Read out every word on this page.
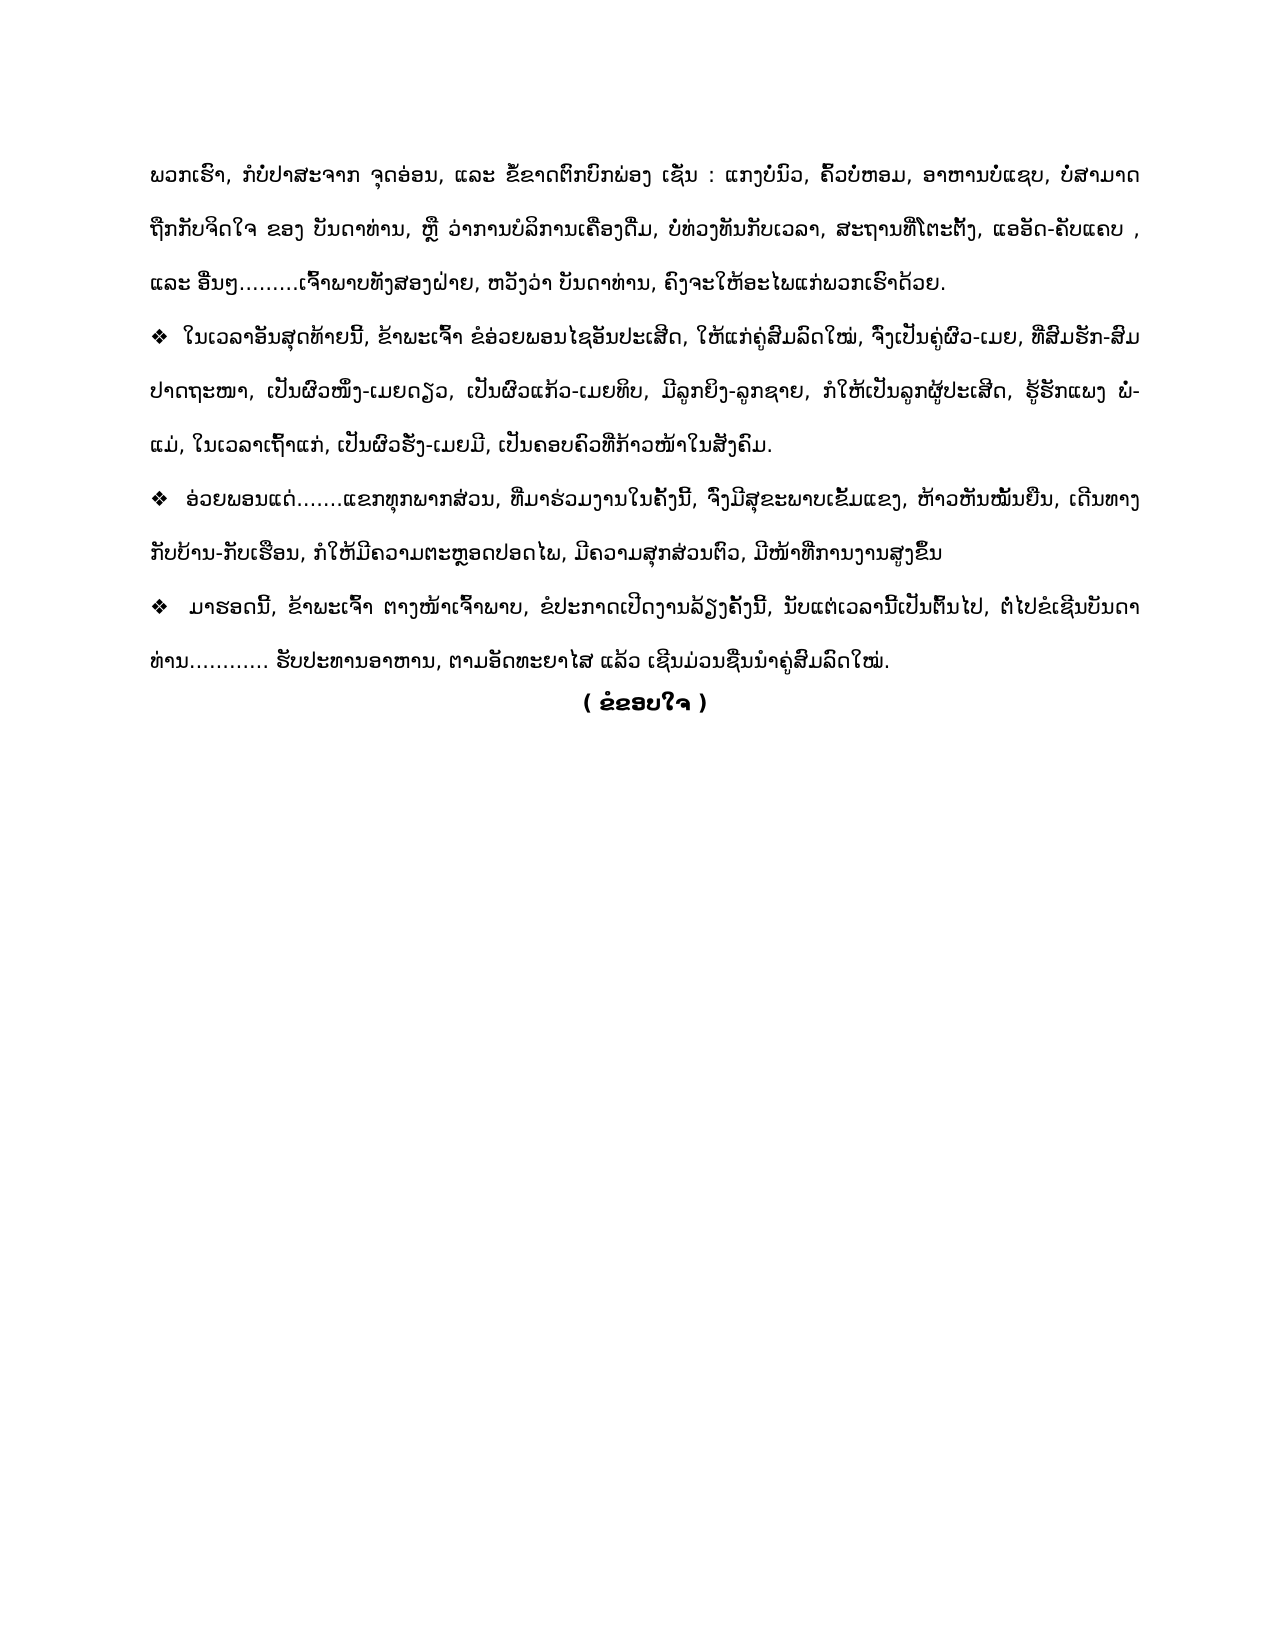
ພວກເຮົາ, ກໍບໍ່ປາສະຈາກ ຈຸດອ່ອນ, ແລະ ຂໍ້ຂາດຕົກບົກພ່ອງ ເຊັ່ນ : ແກງບໍ່ນົວ, ຄົ້ວບໍ່ຫອມ, ອາຫານບໍ່ແຊບ, ບໍ່ສາມາດ ຖືກກັບຈິດໃຈ ຂອງ ບັນດາທ່ານ, ຫຼື ວ່າການບໍລິການເຄື່ອງດື່ມ, ບໍ່ທ່ວງທັນກັບເວລາ, ສະຖານທີ່ໂຕະຕັ້ງ, ແອອັດ-ຄັບແຄບ , ແລະ ອື່ນໆ.........ເຈົ້າພາບທັງສອງຝ່າຍ, ຫວັງວ່າ ບັນດາທ່ານ, ຄົງຈະໃຫ້ອະໄພແກ່ພວກເຮົາດ້ວຍ.

❖ ໃນເວລາອັນສຸດທ້າຍນີ້, ຂ້າພະເຈົ້າ ຂໍອ່ວຍພອນໄຊອັນປະເສີດ, ໃຫ້ແກ່ຄູ່ສົມລົດໃໝ່, ຈົ່ງເປັນຄູ່ຜົວ-ເມຍ, ທີ່ສົມຮັກ-ສົມປາດຖະໜາ, ເປັນຜົວໜຶ່ງ-ເມຍດຽວ, ເປັນຜົວແກ້ວ-ເມຍທິບ, ມີລູກຍິງ-ລູກຊາຍ, ກໍໃຫ້ເປັນລູກຜູ້ປະເສີດ, ຮູ້ຮັກແພງ ພໍ່-ແມ່, ໃນເວລາເຖົ້າແກ່, ເປັນຜົວຮັ່ງ-ເມຍມີ, ເປັນຄອບຄົວທີ່ກ້າວໜ້າໃນສັງຄົມ.

❖ ອ່ວຍພອນແດ່.......ແຂກທຸກພາກສ່ວນ, ທີ່ມາຮ່ວມງານໃນຄັ້ງນີ້, ຈົ່ງມີສຸຂະພາບເຂັ້ມແຂງ, ຫ້າວຫັນໝັ້ນຍືນ, ເດີນທາງກັບບ້ານ-ກັບເຮືອນ, ກໍໃຫ້ມີຄວາມຕະຫຼອດປອດໄພ, ມີຄວາມສຸກສ່ວນຕົວ, ມີໜ້າທີ່ການງານສູງຂຶ້ນ

❖ ມາຮອດນີ້, ຂ້າພະເຈົ້າ ຕາງໜ້າເຈົ້າພາບ, ຂໍປະກາດເປີດງານລ້ຽງຄັ້ງນີ້, ນັບແຕ່ເວລານີ້ເປັນຕົ້ນໄປ, ຕໍ່ໄປຂໍເຊີນບັນດາ ທ່ານ............ ຮັບປະທານອາຫານ, ຕາມອັດທະຍາໄສ ແລ້ວ ເຊີນມ່ວນຊື່ນນຳຄູ່ສົມລົດໃໝ່.

( ຂໍຂອບໃຈ )
